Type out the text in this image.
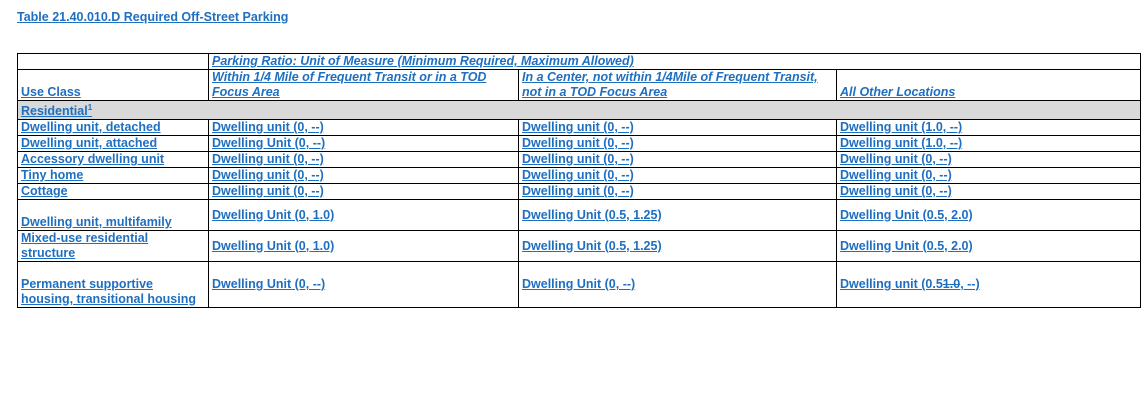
Table 21.40.010.D Required Off-Street Parking
	Parking Ratio: Unit of Measure (Minimum Required, Maximum Allowed)		
Use Class	Within 1/4 Mile of Frequent Transit or in a TOD Focus Area	In a Center, not within 1/4Mile of Frequent Transit, not in a TOD Focus Area	All Other Locations
Residential$^1$
Dwelling unit, detached	Dwelling unit (0, --)	Dwelling unit (0, --)	Dwelling unit (1.0, --)
Dwelling unit, attached	Dwelling Unit (0, --)	Dwelling unit (0, --)	Dwelling unit (1.0, --)
Accessory dwelling unit	Dwelling unit (0, --)	Dwelling unit (0, --)	Dwelling unit (0, --)
Tiny home	Dwelling unit (0, --)	Dwelling unit (0, --)	Dwelling unit (0, --)
Cottage	Dwelling unit (0, --)	Dwelling unit (0, --)	Dwelling unit (0, --)
Dwelling unit, multifamily	Dwelling Unit (0, 1.0)	Dwelling Unit (0.5, 1.25)	Dwelling Unit (0.5, 2.0)
Mixed-use residential structure	Dwelling Unit (0, 1.0)	Dwelling Unit (0.5, 1.25)	Dwelling Unit (0.5, 2.0)
Permanent supportive housing, transitional housing	Dwelling Unit (0, --)	Dwelling Unit (0, --)	Dwelling unit (0.51.0, --)
